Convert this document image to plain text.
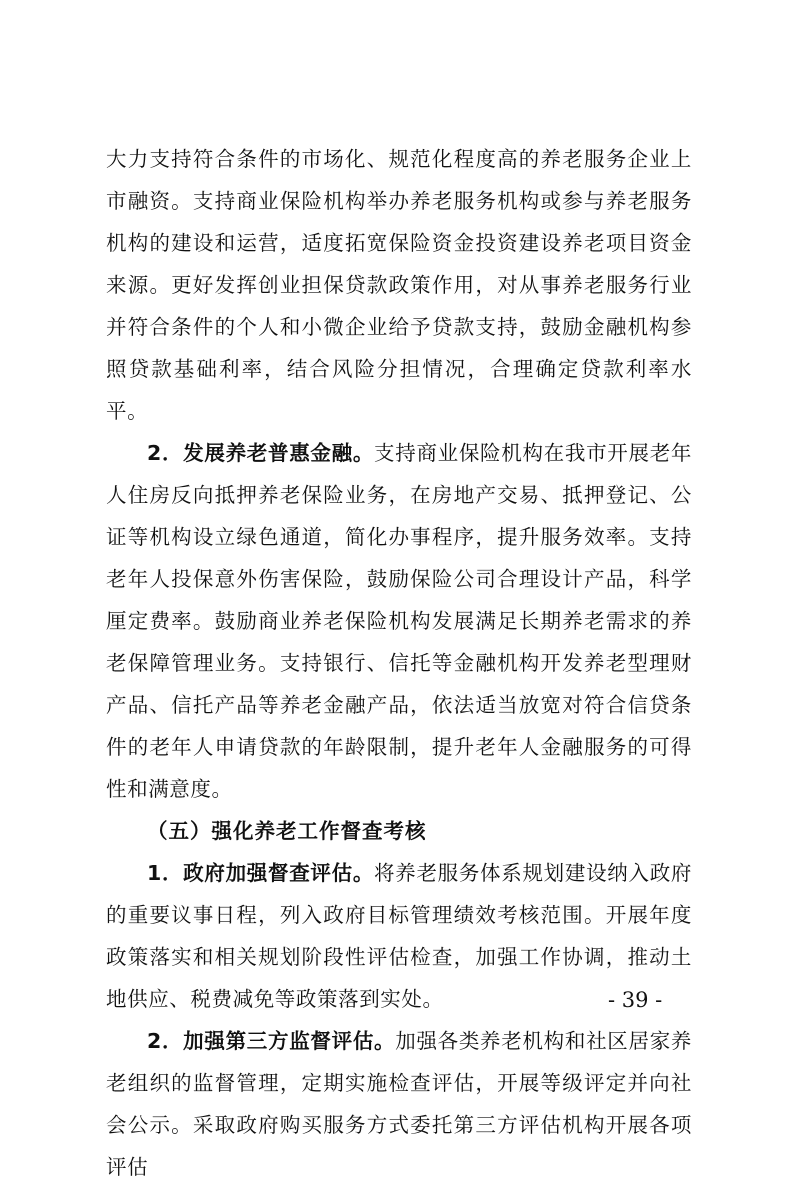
大力支持符合条件的市场化、规范化程度高的养老服务企业上市融资。支持商业保险机构举办养老服务机构或参与养老服务机构的建设和运营，适度拓宽保险资金投资建设养老项目资金来源。更好发挥创业担保贷款政策作用，对从事养老服务行业并符合条件的个人和小微企业给予贷款支持，鼓励金融机构参照贷款基础利率，结合风险分担情况，合理确定贷款利率水平。

2．发展养老普惠金融。支持商业保险机构在我市开展老年人住房反向抵押养老保险业务，在房地产交易、抵押登记、公证等机构设立绿色通道，简化办事程序，提升服务效率。支持老年人投保意外伤害保险，鼓励保险公司合理设计产品，科学厘定费率。鼓励商业养老保险机构发展满足长期养老需求的养老保障管理业务。支持银行、信托等金融机构开发养老型理财产品、信托产品等养老金融产品，依法适当放宽对符合信贷条件的老年人申请贷款的年龄限制，提升老年人金融服务的可得性和满意度。

（五）强化养老工作督查考核

1．政府加强督查评估。将养老服务体系规划建设纳入政府的重要议事日程，列入政府目标管理绩效考核范围。开展年度政策落实和相关规划阶段性评估检查，加强工作协调，推动土地供应、税费减免等政策落到实处。

2．加强第三方监督评估。加强各类养老机构和社区居家养老组织的监督管理，定期实施检查评估，开展等级评定并向社会公示。采取政府购买服务方式委托第三方评估机构开展各项评估

- 39 -
